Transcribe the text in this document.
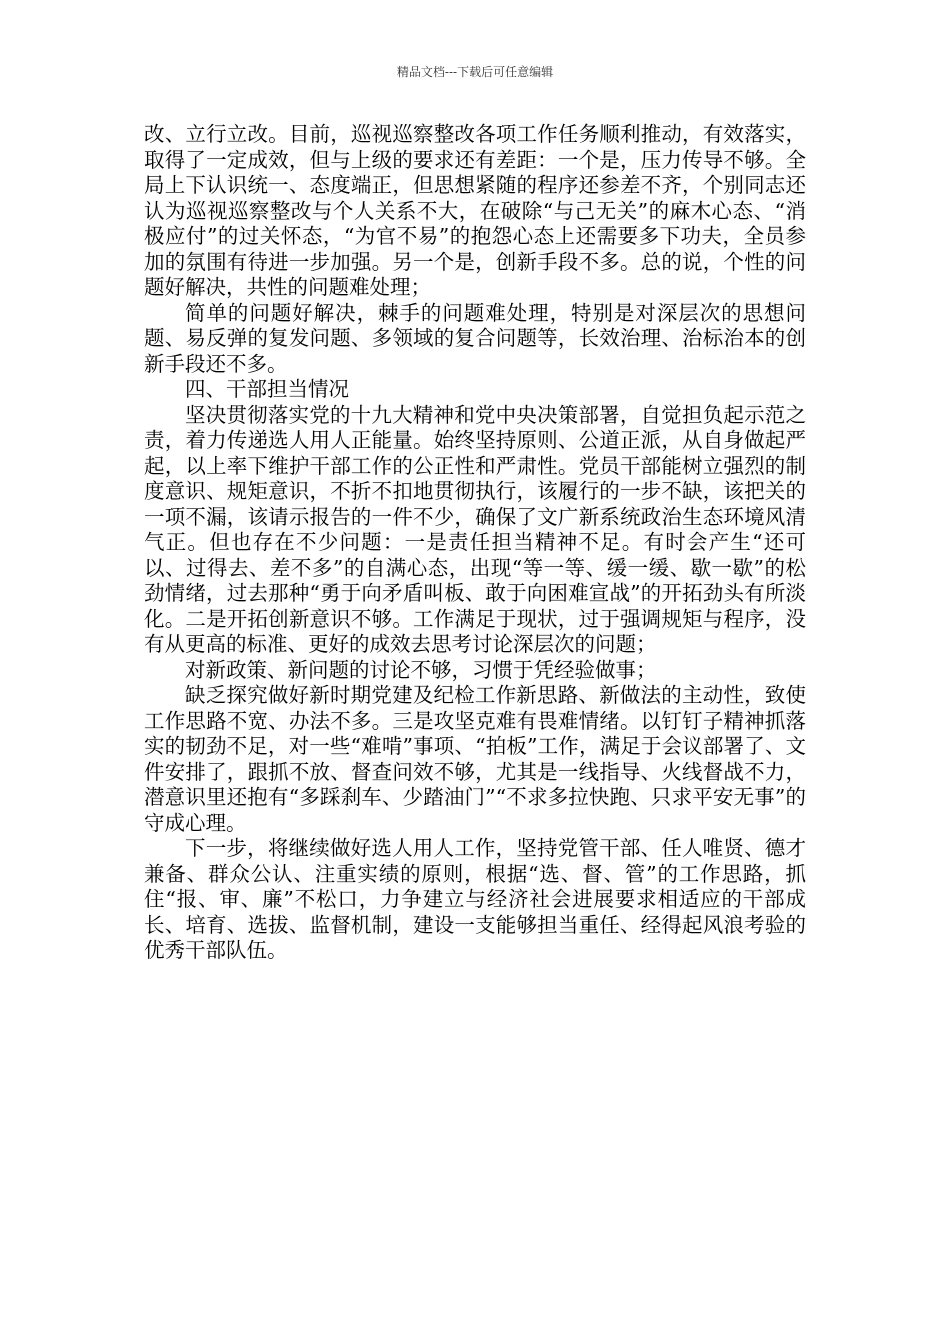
精品文档---下载后可任意编辑

改、立行立改。目前，巡视巡察整改各项工作任务顺利推动，有效落实，取得了一定成效，但与上级的要求还有差距：一个是，压力传导不够。全局上下认识统一、态度端正，但思想紧随的程序还参差不齐，个别同志还认为巡视巡察整改与个人关系不大，在破除“与己无关”的麻木心态、“消极应付”的过关怀态，“为官不易”的抱怨心态上还需要多下功夫，全员参加的氛围有待进一步加强。另一个是，创新手段不多。总的说，个性的问题好解决，共性的问题难处理；

简单的问题好解决，棘手的问题难处理，特别是对深层次的思想问题、易反弹的复发问题、多领域的复合问题等，长效治理、治标治本的创新手段还不多。

四、干部担当情况

坚决贯彻落实党的十九大精神和党中央决策部署，自觉担负起示范之责，着力传递选人用人正能量。始终坚持原则、公道正派，从自身做起严起，以上率下维护干部工作的公正性和严肃性。党员干部能树立强烈的制度意识、规矩意识，不折不扣地贯彻执行，该履行的一步不缺，该把关的一项不漏，该请示报告的一件不少，确保了文广新系统政治生态环境风清气正。但也存在不少问题：一是责任担当精神不足。有时会产生“还可以、过得去、差不多”的自满心态，出现“等一等、缓一缓、歇一歇”的松劲情绪，过去那种“勇于向矛盾叫板、敢于向困难宣战”的开拓劲头有所淡化。二是开拓创新意识不够。工作满足于现状，过于强调规矩与程序，没有从更高的标准、更好的成效去思考讨论深层次的问题；

对新政策、新问题的讨论不够，习惯于凭经验做事；

缺乏探究做好新时期党建及纪检工作新思路、新做法的主动性，致使工作思路不宽、办法不多。三是攻坚克难有畏难情绪。以钉钉子精神抓落实的韧劲不足，对一些“难啃”事项、“拍板”工作，满足于会议部署了、文件安排了，跟抓不放、督查问效不够，尤其是一线指导、火线督战不力，潜意识里还抱有“多踩刹车、少踏油门”“不求多拉快跑、只求平安无事”的守成心理。

下一步，将继续做好选人用人工作，坚持党管干部、任人唯贤、德才兼备、群众公认、注重实绩的原则，根据“选、督、管”的工作思路，抓住“报、审、廉”不松口，力争建立与经济社会进展要求相适应的干部成长、培育、选拔、监督机制，建设一支能够担当重任、经得起风浪考验的优秀干部队伍。
